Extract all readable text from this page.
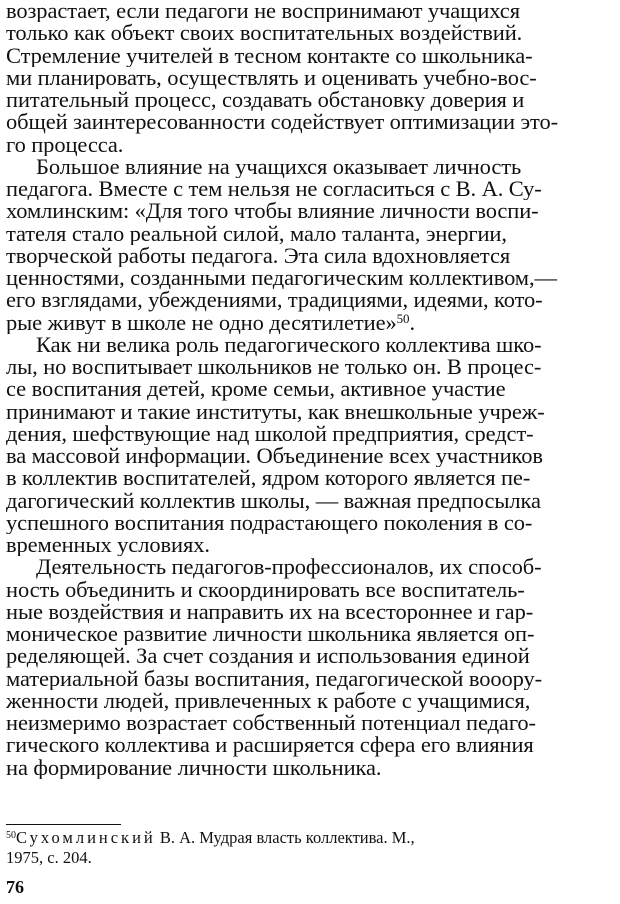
возрастает, если педагоги не воспринимают учащихся
только как объект своих воспитательных воздействий.
Стремление учителей в тесном контакте со школьника-
ми планировать, осуществлять и оценивать учебно-вос-
питательный процесс, создавать обстановку доверия и
общей заинтересованности содействует оптимизации это-
го процесса.
Большое влияние на учащихся оказывает личность
педагога. Вместе с тем нельзя не согласиться с В. А. Су-
хомлинским: «Для того чтобы влияние личности воспи-
тателя стало реальной силой, мало таланта, энергии,
творческой работы педагога. Эта сила вдохновляется
ценностями, созданными педагогическим коллективом,—
его взглядами, убеждениями, традициями, идеями, кото-
рые живут в школе не одно десятилетие»$^{50}$.
Как ни велика роль педагогического коллектива шко-
лы, но воспитывает школьников не только он. В процес-
се воспитания детей, кроме семьи, активное участие
принимают и такие институты, как внешкольные учреж-
дения, шефствующие над школой предприятия, средст-
ва массовой информации. Объединение всех участников
в коллектив воспитателей, ядром которого является пе-
дагогический коллектив школы, — важная предпосылка
успешного воспитания подрастающего поколения в со-
временных условиях.
Деятельность педагогов-профессионалов, их способ-
ность объединить и скоординировать все воспитатель-
ные воздействия и направить их на всестороннее и гар-
моническое развитие личности школьника является оп-
ределяющей. За счет создания и использования единой
материальной базы воспитания, педагогической вооору-
женности людей, привлеченных к работе с учащимися,
неизмеримо возрастает собственный потенциал педаго-
гического коллектива и расширяется сфера его влияния
на формирование личности школьника.
$^{50}$Сухомлинский В. А. Мудрая власть коллектива. М.,
1975, с. 204.
76
